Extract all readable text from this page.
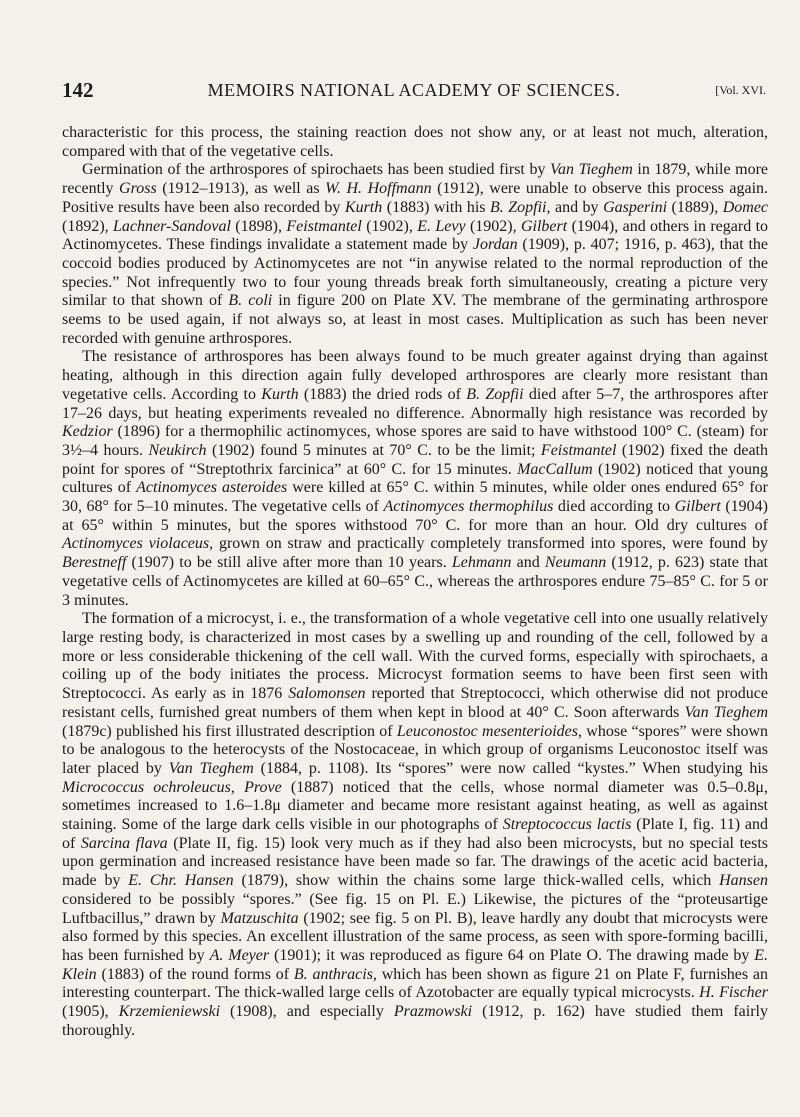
142	MEMOIRS NATIONAL ACADEMY OF SCIENCES.	[Vol. XVI.

characteristic for this process, the staining reaction does not show any, or at least not much, alteration, compared with that of the vegetative cells.

Germination of the arthrospores of spirochaets has been studied first by Van Tieghem in 1879, while more recently Gross (1912–1913), as well as W. H. Hoffmann (1912), were unable to observe this process again. Positive results have been also recorded by Kurth (1883) with his B. Zopfii, and by Gasperini (1889), Domec (1892), Lachner-Sandoval (1898), Feistmantel (1902), E. Levy (1902), Gilbert (1904), and others in regard to Actinomycetes. These findings invalidate a statement made by Jordan (1909), p. 407; 1916, p. 463), that the coccoid bodies produced by Actinomycetes are not “in anywise related to the normal reproduction of the species.” Not infrequently two to four young threads break forth simultaneously, creating a picture very similar to that shown of B. coli in figure 200 on Plate XV. The membrane of the germinating arthrospore seems to be used again, if not always so, at least in most cases. Multiplication as such has been never recorded with genuine arthrospores.

The resistance of arthrospores has been always found to be much greater against drying than against heating, although in this direction again fully developed arthrospores are clearly more resistant than vegetative cells. According to Kurth (1883) the dried rods of B. Zopfii died after 5–7, the arthrospores after 17–26 days, but heating experiments revealed no difference. Abnormally high resistance was recorded by Kedzior (1896) for a thermophilic actinomyces, whose spores are said to have withstood 100° C. (steam) for 3½–4 hours. Neukirch (1902) found 5 minutes at 70° C. to be the limit; Feistmantel (1902) fixed the death point for spores of “Streptothrix farcinica” at 60° C. for 15 minutes. MacCallum (1902) noticed that young cultures of Actinomyces asteroides were killed at 65° C. within 5 minutes, while older ones endured 65° for 30, 68° for 5–10 minutes. The vegetative cells of Actinomyces thermophilus died according to Gilbert (1904) at 65° within 5 minutes, but the spores withstood 70° C. for more than an hour. Old dry cultures of Actinomyces violaceus, grown on straw and practically completely transformed into spores, were found by Berestneff (1907) to be still alive after more than 10 years. Lehmann and Neumann (1912, p. 623) state that vegetative cells of Actinomycetes are killed at 60–65° C., whereas the arthrospores endure 75–85° C. for 5 or 3 minutes.

The formation of a microcyst, i. e., the transformation of a whole vegetative cell into one usually relatively large resting body, is characterized in most cases by a swelling up and rounding of the cell, followed by a more or less considerable thickening of the cell wall. With the curved forms, especially with spirochaets, a coiling up of the body initiates the process. Microcyst formation seems to have been first seen with Streptococci. As early as in 1876 Salomonsen reported that Streptococci, which otherwise did not produce resistant cells, furnished great numbers of them when kept in blood at 40° C. Soon afterwards Van Tieghem (1879c) published his first illustrated description of Leuconostoc mesenterioides, whose “spores” were shown to be analogous to the heterocysts of the Nostocaceae, in which group of organisms Leuconostoc itself was later placed by Van Tieghem (1884, p. 1108). Its “spores” were now called “kystes.” When studying his Micrococcus ochroleucus, Prove (1887) noticed that the cells, whose normal diameter was 0.5–0.8μ, sometimes increased to 1.6–1.8μ diameter and became more resistant against heating, as well as against staining. Some of the large dark cells visible in our photographs of Streptococcus lactis (Plate I, fig. 11) and of Sarcina flava (Plate II, fig. 15) look very much as if they had also been microcysts, but no special tests upon germination and increased resistance have been made so far. The drawings of the acetic acid bacteria, made by E. Chr. Hansen (1879), show within the chains some large thick-walled cells, which Hansen considered to be possibly “spores.” (See fig. 15 on Pl. E.) Likewise, the pictures of the “proteusartige Luftbacillus,” drawn by Matzuschita (1902; see fig. 5 on Pl. B), leave hardly any doubt that microcysts were also formed by this species. An excellent illustration of the same process, as seen with spore-forming bacilli, has been furnished by A. Meyer (1901); it was reproduced as figure 64 on Plate O. The drawing made by E. Klein (1883) of the round forms of B. anthracis, which has been shown as figure 21 on Plate F, furnishes an interesting counterpart. The thick-walled large cells of Azotobacter are equally typical microcysts. H. Fischer (1905), Krzemieniewski (1908), and especially Prazmowski (1912, p. 162) have studied them fairly thoroughly.
